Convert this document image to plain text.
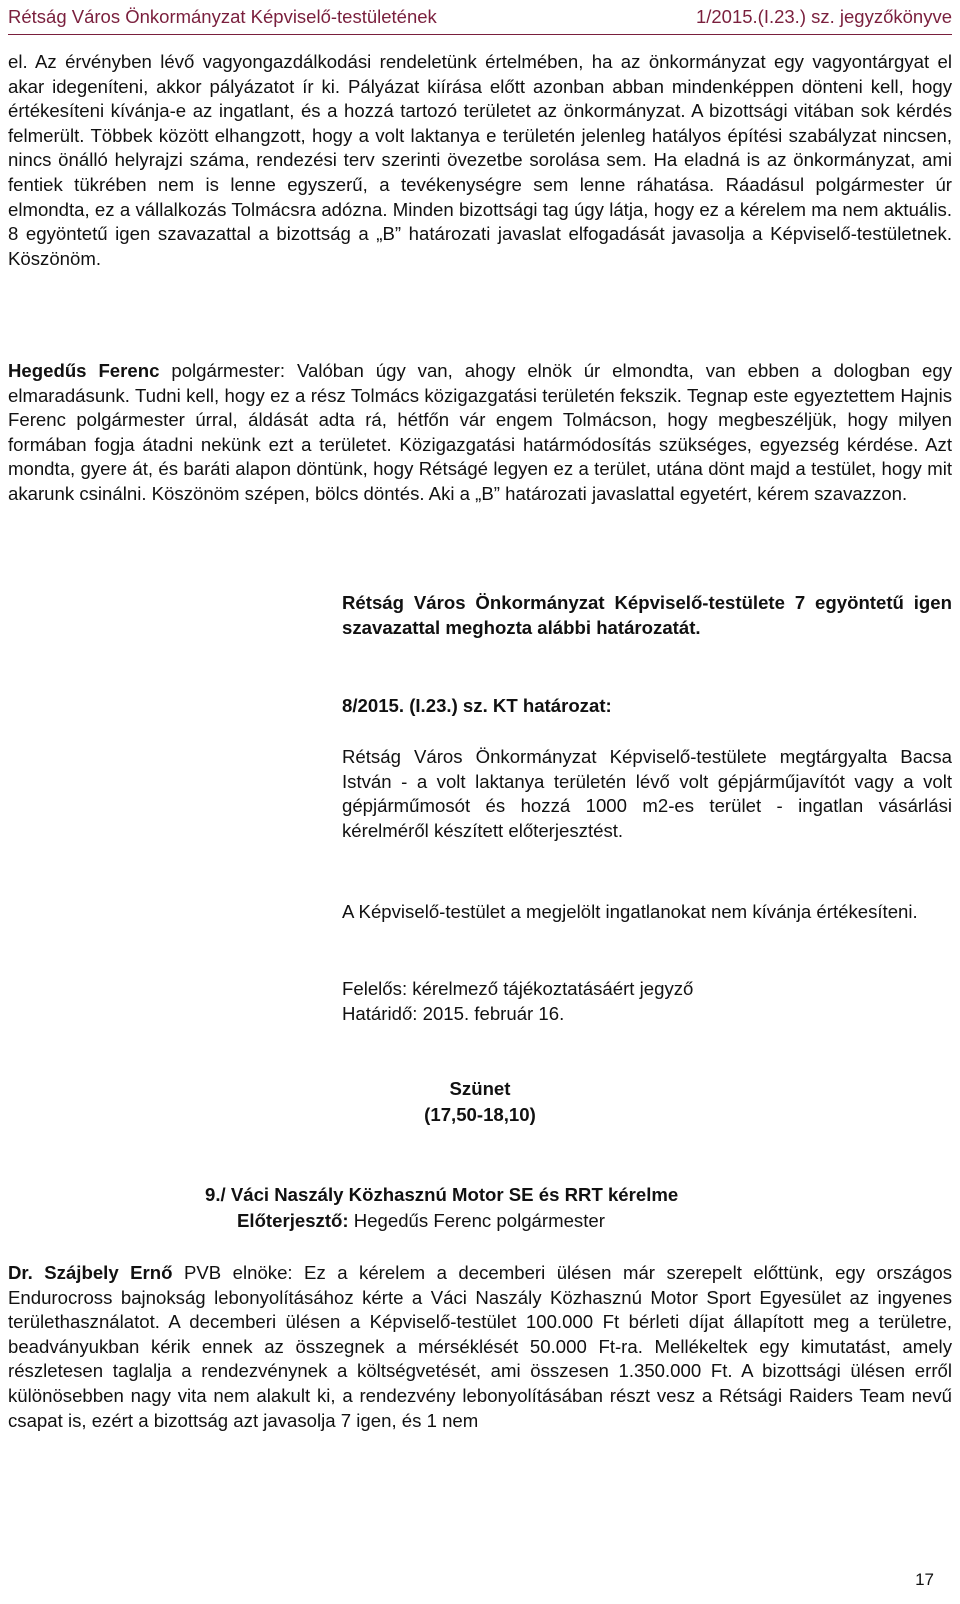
Rétság Város Önkormányzat Képviselő-testületének	1/2015.(I.23.) sz. jegyzőkönyve

el. Az érvényben lévő vagyongazdálkodási rendeletünk értelmében, ha az önkormányzat egy vagyontárgyat el akar idegeníteni, akkor pályázatot ír ki. Pályázat kiírása előtt azonban abban mindenképpen dönteni kell, hogy értékesíteni kívánja-e az ingatlant, és a hozzá tartozó területet az önkormányzat. A bizottsági vitában sok kérdés felmerült. Többek között elhangzott, hogy a volt laktanya e területén jelenleg hatályos építési szabályzat nincsen, nincs önálló helyrajzi száma, rendezési terv szerinti övezetbe sorolása sem. Ha eladná is az önkormányzat, ami fentiek tükrében nem is lenne egyszerű, a tevékenységre sem lenne ráhatása. Ráadásul polgármester úr elmondta, ez a vállalkozás Tolmácsra adózna. Minden bizottsági tag úgy látja, hogy ez a kérelem ma nem aktuális. 8 egyöntetű igen szavazattal a bizottság a „B” határozati javaslat elfogadását javasolja a Képviselő-testületnek. Köszönöm.

Hegedűs Ferenc polgármester: Valóban úgy van, ahogy elnök úr elmondta, van ebben a dologban egy elmaradásunk. Tudni kell, hogy ez a rész Tolmács közigazgatási területén fekszik. Tegnap este egyeztettem Hajnis Ferenc polgármester úrral, áldását adta rá, hétfőn vár engem Tolmácson, hogy megbeszéljük, hogy milyen formában fogja átadni nekünk ezt a területet. Közigazgatási határmódosítás szükséges, egyezség kérdése. Azt mondta, gyere át, és baráti alapon döntünk, hogy Rétságé legyen ez a terület, utána dönt majd a testület, hogy mit akarunk csinálni. Köszönöm szépen, bölcs döntés. Aki a „B” határozati javaslattal egyetért, kérem szavazzon.

Rétság Város Önkormányzat Képviselő-testülete 7 egyöntetű igen szavazattal meghozta alábbi határozatát.

8/2015. (I.23.) sz. KT határozat:

Rétság Város Önkormányzat Képviselő-testülete megtárgyalta Bacsa István - a volt laktanya területén lévő volt gépjárműjavítót vagy a volt gépjárműmosót és hozzá 1000 m2-es terület - ingatlan vásárlási kérelméről készített előterjesztést.

A Képviselő-testület a megjelölt ingatlanokat nem kívánja értékesíteni.

Felelős: kérelmező tájékoztatásáért jegyző

Határidő: 2015. február 16.

Szünet

(17,50-18,10)

9./ Váci Naszály Közhasznú Motor SE és RRT kérelme

Előterjesztő: Hegedűs Ferenc polgármester

Dr. Szájbely Ernő PVB elnöke: Ez a kérelem a decemberi ülésen már szerepelt előttünk, egy országos Endurocross bajnokság lebonyolításához kérte a Váci Naszály Közhasznú Motor Sport Egyesület az ingyenes területhasználatot. A decemberi ülésen a Képviselő-testület 100.000 Ft bérleti díjat állapított meg a területre, beadványukban kérik ennek az összegnek a mérséklését 50.000 Ft-ra. Mellékeltek egy kimutatást, amely részletesen taglalja a rendezvénynek a költségvetését, ami összesen 1.350.000 Ft. A bizottsági ülésen erről különösebben nagy vita nem alakult ki, a rendezvény lebonyolításában részt vesz a Rétsági Raiders Team nevű csapat is, ezért a bizottság azt javasolja 7 igen, és 1 nem

17
